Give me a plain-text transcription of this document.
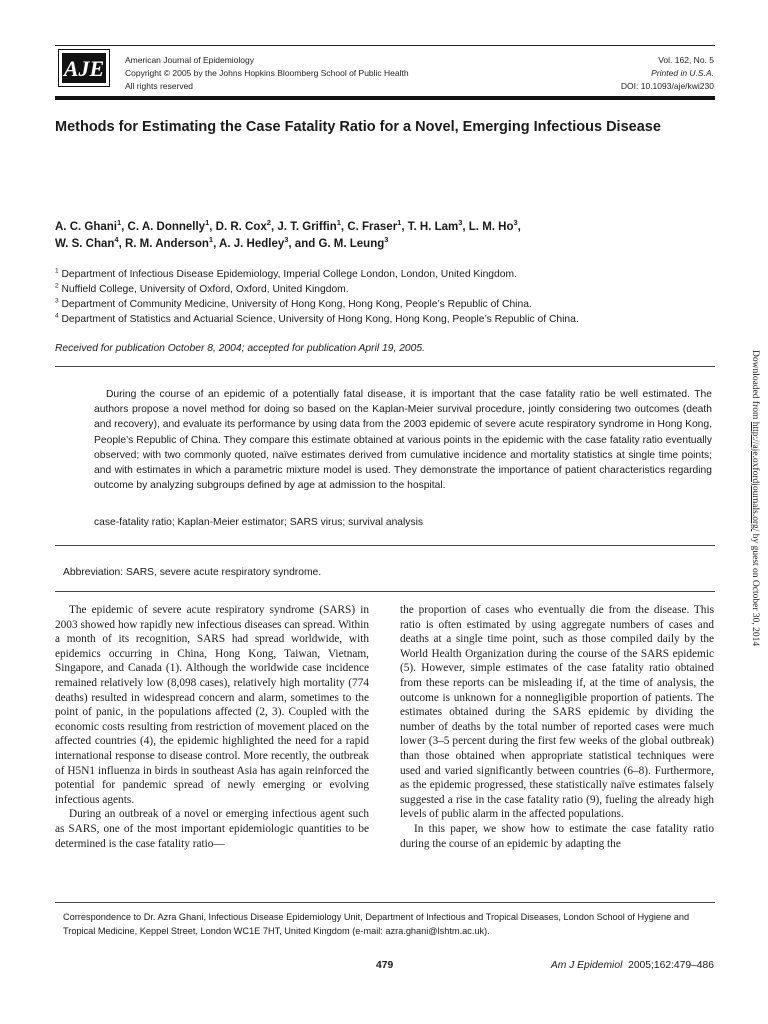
AJE American Journal of Epidemiology
Copyright © 2005 by the Johns Hopkins Bloomberg School of Public Health
All rights reserved
Vol. 162, No. 5
Printed in U.S.A.
DOI: 10.1093/aje/kwi230
Methods for Estimating the Case Fatality Ratio for a Novel, Emerging Infectious Disease
A. C. Ghani$^1$, C. A. Donnelly$^1$, D. R. Cox$^2$, J. T. Griffin$^1$, C. Fraser$^1$, T. H. Lam$^3$, L. M. Ho$^3$,
W. S. Chan$^4$, R. M. Anderson$^1$, A. J. Hedley$^3$, and G. M. Leung$^3$
$^1$ Department of Infectious Disease Epidemiology, Imperial College London, London, United Kingdom.
$^2$ Nuffield College, University of Oxford, Oxford, United Kingdom.
$^3$ Department of Community Medicine, University of Hong Kong, Hong Kong, People’s Republic of China.
$^4$ Department of Statistics and Actuarial Science, University of Hong Kong, Hong Kong, People’s Republic of China.
Received for publication October 8, 2004; accepted for publication April 19, 2005.

During the course of an epidemic of a potentially fatal disease, it is important that the case fatality ratio be well estimated. The authors propose a novel method for doing so based on the Kaplan-Meier survival procedure, jointly considering two outcomes (death and recovery), and evaluate its performance by using data from the 2003 epidemic of severe acute respiratory syndrome in Hong Kong, People’s Republic of China. They compare this estimate obtained at various points in the epidemic with the case fatality ratio eventually observed; with two commonly quoted, naïve estimates derived from cumulative incidence and mortality statistics at single time points; and with estimates in which a parametric mixture model is used. They demonstrate the importance of patient characteristics regarding outcome by analyzing subgroups defined by age at admission to the hospital.

case-fatality ratio; Kaplan-Meier estimator; SARS virus; survival analysis
Abbreviation: SARS, severe acute respiratory syndrome.

The epidemic of severe acute respiratory syndrome (SARS) in 2003 showed how rapidly new infectious diseases can spread. Within a month of its recognition, SARS had spread worldwide, with epidemics occurring in China, Hong Kong, Taiwan, Vietnam, Singapore, and Canada (1). Although the worldwide case incidence remained relatively low (8,098 cases), relatively high mortality (774 deaths) resulted in widespread concern and alarm, sometimes to the point of panic, in the populations affected (2, 3). Coupled with the economic costs resulting from restriction of movement placed on the affected countries (4), the epidemic highlighted the need for a rapid international response to disease control. More recently, the outbreak of H5N1 influenza in birds in southeast Asia has again reinforced the potential for pandemic spread of newly emerging or evolving infectious agents.

During an outbreak of a novel or emerging infectious agent such as SARS, one of the most important epidemiologic quantities to be determined is the case fatality ratio—

the proportion of cases who eventually die from the disease. This ratio is often estimated by using aggregate numbers of cases and deaths at a single time point, such as those compiled daily by the World Health Organization during the course of the SARS epidemic (5). However, simple estimates of the case fatality ratio obtained from these reports can be misleading if, at the time of analysis, the outcome is unknown for a nonnegligible proportion of patients. The estimates obtained during the SARS epidemic by dividing the number of deaths by the total number of reported cases were much lower (3–5 percent during the first few weeks of the global outbreak) than those obtained when appropriate statistical techniques were used and varied significantly between countries (6–8). Furthermore, as the epidemic progressed, these statistically naïve estimates falsely suggested a rise in the case fatality ratio (9), fueling the already high levels of public alarm in the affected populations.

In this paper, we show how to estimate the case fatality ratio during the course of an epidemic by adapting the

Correspondence to Dr. Azra Ghani, Infectious Disease Epidemiology Unit, Department of Infectious and Tropical Diseases, London School of Hygiene and Tropical Medicine, Keppel Street, London WC1E 7HT, United Kingdom (e-mail: azra.ghani@lshtm.ac.uk).
479	Am J Epidemiol 2005;162:479–486
Downloaded from http://aje.oxfordjournals.org/ by guest on October 30, 2014
